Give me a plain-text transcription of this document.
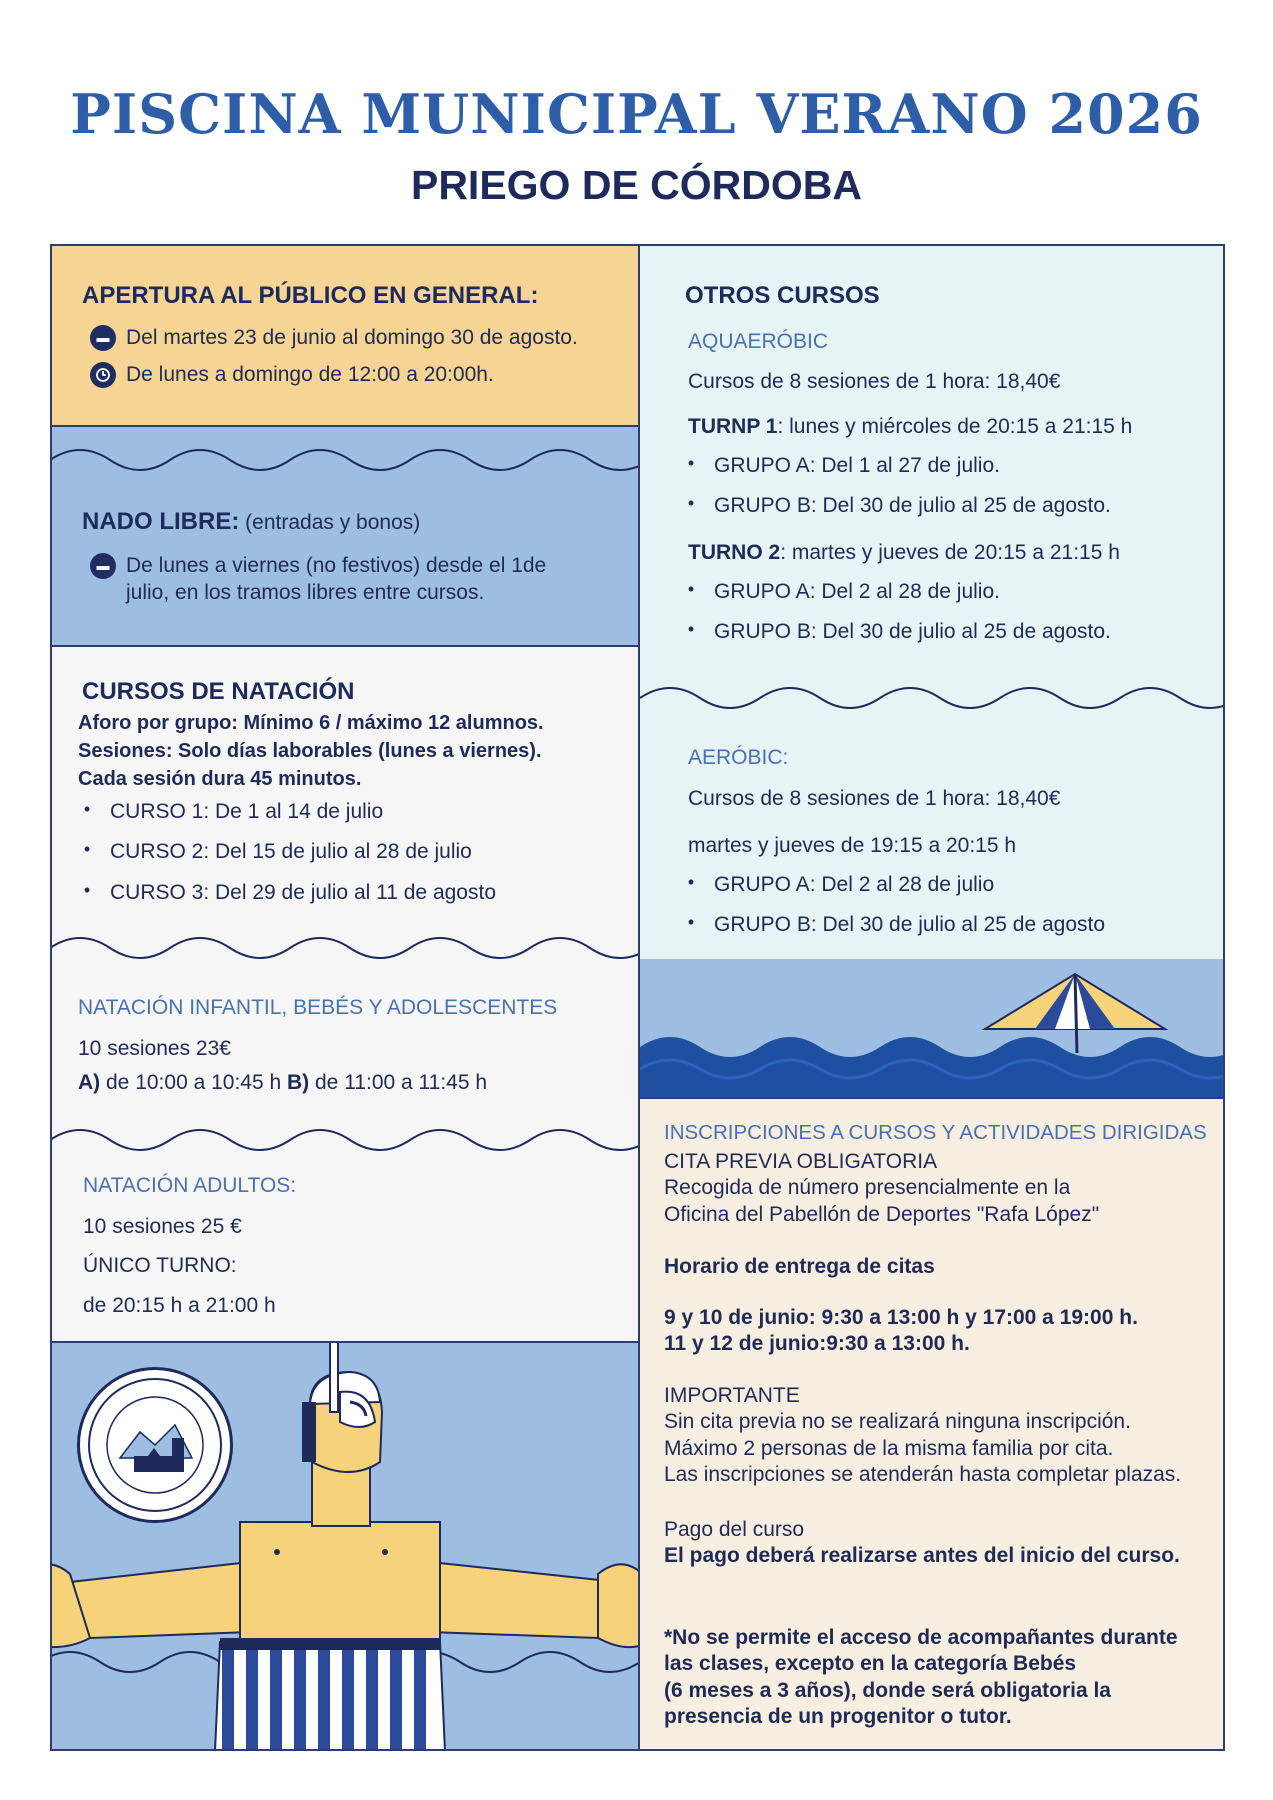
PISCINA MUNICIPAL VERANO 2026
PRIEGO DE CÓRDOBA
APERTURA AL PÚBLICO EN GENERAL:
▬ Del martes 23 de junio al domingo 30 de agosto.
De lunes a domingo de 12:00 a 20:00h.
NADO LIBRE: (entradas y bonos)
▬ De lunes a viernes (no festivos) desde el 1de
julio, en los tramos libres entre cursos.
CURSOS DE NATACIÓN
Aforo por grupo: Mínimo 6 / máximo 12 alumnos.
Sesiones: Solo días laborables (lunes a viernes).
Cada sesión dura 45 minutos.
• CURSO 1: De 1 al 14 de julio
• CURSO 2: Del 15 de julio al 28 de julio
• CURSO 3: Del 29 de julio al 11 de agosto
NATACIÓN INFANTIL, BEBÉS Y ADOLESCENTES
10 sesiones 23€
A) de 10:00 a 10:45 h B) de 11:00 a 11:45 h
NATACIÓN ADULTOS:
10 sesiones 25 €
ÚNICO TURNO:
de 20:15 h a 21:00 h
OTROS CURSOS
AQUAERÓBIC
Cursos de 8 sesiones de 1 hora: 18,40€
TURNP 1: lunes y miércoles de 20:15 a 21:15 h
• GRUPO A: Del 1 al 27 de julio.
• GRUPO B: Del 30 de julio al 25 de agosto.
TURNO 2: martes y jueves de 20:15 a 21:15 h
• GRUPO A: Del 2 al 28 de julio.
• GRUPO B: Del 30 de julio al 25 de agosto.
AERÓBIC:
Cursos de 8 sesiones de 1 hora: 18,40€
martes y jueves de 19:15 a 20:15 h
• GRUPO A: Del 2 al 28 de julio
• GRUPO B: Del 30 de julio al 25 de agosto
INSCRIPCIONES A CURSOS Y ACTIVIDADES DIRIGIDAS
CITA PREVIA OBLIGATORIA
Recogida de número presencialmente en la
Oficina del Pabellón de Deportes "Rafa López"
Horario de entrega de citas
9 y 10 de junio: 9:30 a 13:00 h y 17:00 a 19:00 h.
11 y 12 de junio:9:30 a 13:00 h.
IMPORTANTE
Sin cita previa no se realizará ninguna inscripción.
Máximo 2 personas de la misma familia por cita.
Las inscripciones se atenderán hasta completar plazas.
Pago del curso
El pago deberá realizarse antes del inicio del curso.
*No se permite el acceso de acompañantes durante
las clases, excepto en la categoría Bebés
(6 meses a 3 años), donde será obligatoria la
presencia de un progenitor o tutor.
